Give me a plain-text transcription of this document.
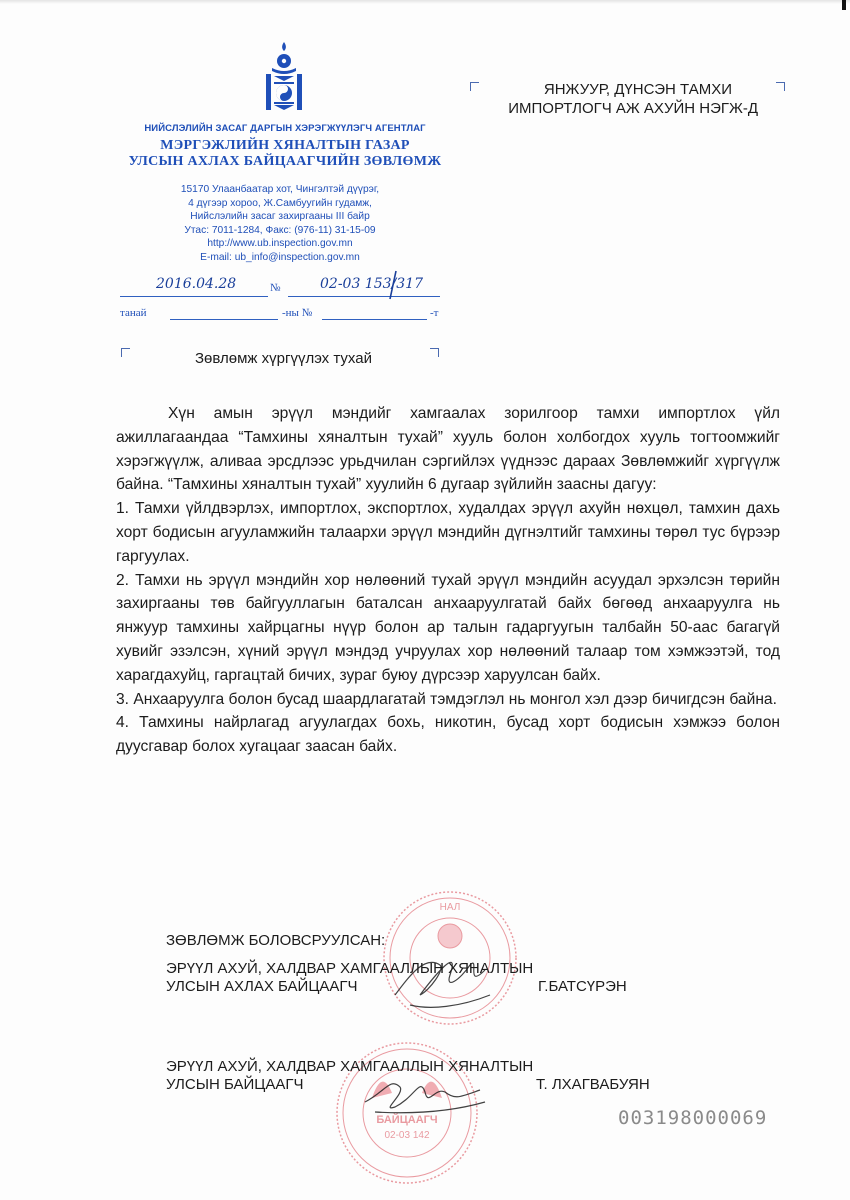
НИЙСЛЭЛИЙН ЗАСАГ ДАРГЫН ХЭРЭГЖҮҮЛЭГЧ АГЕНТЛАГ
МЭРГЭЖЛИЙН ХЯНАЛТЫН ГАЗАР
УЛСЫН АХЛАХ БАЙЦААГЧИЙН ЗӨВЛӨМЖ
15170 Улаанбаатар хот, Чингэлтэй дүүрэг,
4 дүгээр хороо, Ж.Самбуугийн гудамж,
Нийслэлийн засаг захиргааны III байр
Утас: 7011-1284, Факс: (976-11) 31-15-09
http://www.ub.inspection.gov.mn
E-mail: ub_info@inspection.gov.mn
2016.04.28	№	02-03 153/317
танай	-ны №	-т
ЯНЖУУР, ДҮНСЭН ТАМХИ
ИМПОРТЛОГЧ АЖ АХУЙН НЭГЖ-Д
Зөвлөмж хүргүүлэх тухай

Хүн амын эрүүл мэндийг хамгаалах зорилгоор тамхи импортлох үйл ажиллагаандаа “Тамхины хяналтын тухай” хууль болон холбогдох хууль тогтоомжийг хэрэгжүүлж, аливаа эрсдлээс урьдчилан сэргийлэх үүднээс дараах Зөвлөмжийг хүргүүлж байна. “Тамхины хяналтын тухай” хуулийн 6 дугаар зүйлийн заасны дагуу:

1. Тамхи үйлдвэрлэх, импортлох, экспортлох, худалдах эрүүл ахуйн нөхцөл, тамхин дахь хорт бодисын агууламжийн талаархи эрүүл мэндийн дүгнэлтийг тамхины төрөл тус бүрээр гаргуулах.

2. Тамхи нь эрүүл мэндийн хор нөлөөний тухай эрүүл мэндийн асуудал эрхэлсэн төрийн захиргааны төв байгууллагын баталсан анхааруулгатай байх бөгөөд анхааруулга нь янжуур тамхины хайрцагны нүүр болон ар талын гадаргуугын талбайн 50-аас багагүй хувийг эзэлсэн, хүний эрүүл мэндэд учруулах хор нөлөөний талаар том хэмжээтэй, тод харагдахуйц, гаргацтай бичих, зураг буюу дүрсээр харуулсан байх.

3. Анхааруулга болон бусад шаардлагатай тэмдэглэл нь монгол хэл дээр бичигдсэн байна.

4. Тамхины найрлагад агуулагдах бохь, никотин, бусад хорт бодисын хэмжээ болон дуусгавар болох хугацааг заасан байх.

НАЛ
БАЙЦААГЧ
02-03 142
ЗӨВЛӨМЖ БОЛОВСРУУЛСАН:
ЭРҮҮЛ АХУЙ, ХАЛДВАР ХАМГААЛЛЫН ХЯНАЛТЫН
УЛСЫН АХЛАХ БАЙЦААГЧ	Г.БАТСҮРЭН
ЭРҮҮЛ АХУЙ, ХАЛДВАР ХАМГААЛЛЫН ХЯНАЛТЫН
УЛСЫН БАЙЦААГЧ	Т. ЛХАГВАБУЯН
003198000069
